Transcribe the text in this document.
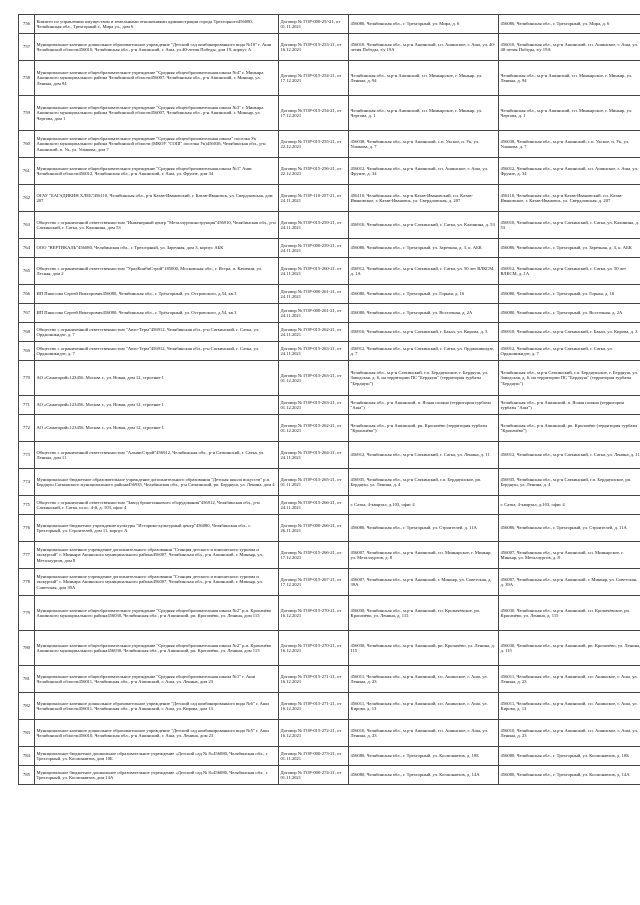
756	Комитет по управлению имуществом и земельными отношениями администрации города Трехгорного456080, Челябинская обл., Трехгорный г., Мира ул., дом 6	Договор № ГОР-000-25/-21, от 01.11.2021	456080, Челябинская обл., г. Трехгорный, ул. Мира, д. 6	456080, Челябинская обл., г. Трехгорный, ул. Мира, д. 6
757	Муниципальное казенное дошкольное образовательное учреждение "Детский сад комбинированного вида №10" г. Аши Челябинской области456010, Челябинская обл., р-н Ашинский, г. Аша, ул.40-летия Победы, дом 19, корпус А	Договор № ГОР-015-253-21, от 16.12.2021	456010, Челябинская обл., м.р-н Ашинский, г.п. Ашинское, г. Аша, ул. 40-летия Победы, з/у 19А	456010, Челябинская обл., м.р-н Ашинский, г.п. Ашинское, г. Аша, ул. 40-летия Победы, з/у 19А
758	Муниципальное казенное общеобразовательное учреждение "Средняя общеобразовательная школа №4" г. Миньяра Ашинского муниципального района Челябинской области456007, Челябинская обл., р-н Ашинский, г. Миньяр, ул. Ленина, дом 94	Договор № ГОР-015-254-21, от 17.12.2021	Челябинская обл., м.р-н Ашинский, г.п. Миньярское, г. Миньяр, ул. Ленина, д. 94	Челябинская обл., м.р-н Ашинский, г.п. Миньярское, г. Миньяр, ул. Ленина, д. 94
759	Муниципальное казенное общеобразовательное учреждение "Средняя общеобразовательная школа №3" г. Миньяра Ашинского муниципального района Челябинской области456007, Челябинская обл., р-н Ашинский, г. Миньяр, ул. Чертова, дом 1	Договор № ГОР-015-254-21, от 17.12.2021	Челябинская обл., м.р-н Ашинский, г.п. Миньярское, г. Миньяр, ул. Чертова, д. 1	Челябинская обл., м.р-н Ашинский, г.п. Миньярское, г. Миньяр, ул. Чертова, д. 1
760	Муниципальное казенное общеобразовательное учреждение "Средняя общеобразовательная школа" поселка Ук Ашинского муниципального района Челябинской области (МКОУ "СОШ" поселка Ук)456038, Челябинская обл., р-н Ашинский, п. Ук, ул. Ушакова, дом 7	Договор № ГОР-015-255-21, от 22.12.2021	456038, Челябинская обл., м.р-н Ашинский, с.п. Укское, п. Ук, ул. Ушакова, д. 7	456038, Челябинская обл., м.р-н Ашинский, с.п. Укское, п. Ук, ул. Ушакова, д. 7
761	Муниципальное казенное общеобразовательное учреждение "Средняя общеобразовательная школа №1" Аши Челябинской области456012, Челябинская обл., р-н Ашинский, г. Аша, ул. Фрунзе, дом 34	Договор № ГОР-015-256-21, от 22.12.2021	456012, Челябинская обл., м.р-н Ашинский, г.п. Ашинское, г. Аша, ул. Фрунзе, д. 34	456012, Челябинская обл., м.р-н Ашинский, г.п. Ашинское, г. Аша, ул. Фрунзе, д. 34
762	ОГАУ "БАГАДИКИН ХЛЕБ"456110, Челябинская обл., р-н Катав-Ивановский, г. Катав-Ивановск, ул. Свердловская, дом 207	Договор № ГОР-110-257-21, от 24.11.2021	456110, Челябинская обл., м.р-н Катав-Ивановский, г.п. Катав-Ивановское, г. Катав-Ивановск, ул. Свердловская, д. 207	456110, Челябинская обл., м.р-н Катав-Ивановский, г.п. Катав-Ивановское, г. Катав-Ивановск, ул. Свердловская, д. 207
763	Общество с ограниченной ответственностью "Инженерный центр "Металлургконструкция"456910, Челябинская обл., р-н Саткинский, г. Сатка, ул. Калинина, дом 53	Договор № ГОР-015-259-21, от 24.11.2021	456910, Челябинская обл., м.р-н Саткинский, г. Сатка, ул. Калинина, д. 53	456910, Челябинская обл., м.р-н Саткинский, г. Сатка, ул. Калинина, д. 53
764	ООО "ВЕРТИКАЛЬ"456080, Челябинская обл., г. Трехгорный, ул. Заречная, дом 3, корпус АБК	Договор № ГОР-000-259-21, от 24.11.2021	456080, Челябинская обл., г. Трехгорный, ул. Заречная, д. 3, к. АБК	456080, Челябинская обл., г. Трехгорный, ул. Заречная, д. 3, к. АБК
765	Общество с ограниченной ответственностью "УралКомбиСтрой"185000, Московская обл., г. Истра, п. Качичии, ул. Лесная, дом 2	Договор № ГОР-015-260-21, от 24.11.2021	456912, Челябинская обл., м.р-н Саткинский, г. Сатка, ул. 50 лет ВЛКСМ, д. 1А	456912, Челябинская обл., м.р-н Саткинский, г. Сатка, ул. 50 лет ВЛКСМ, д. 1А
766	ИП Пикосова Сергей Викторович456080, Челябинская обл., г. Трёхгорный, ул. Островского, д.54, кв.3	Договор № ГОР-000-261-21, от 24.11.2021	456080, Челябинская обл., г. Трехгорный, ул. Горная, д. 16	456080, Челябинская обл., г. Трехгорный, ул. Горная, д. 16
767	ИП Пикосова Сергей Викторович456080, Челябинская обл., г. Трёхгорный, ул. Островского, д.54, кв.3	Договор № ГОР-000-261-21, от 24.11.2021	456080, Челябинская обл., г. Трехгорный, ул. Восточная, д. 2А	456080, Челябинская обл., г. Трехгорный, ул. Восточная, д. 2А
768	Общество с ограниченной ответственностью "Авто-Терм"456912, Челябинская обл., р-н Саткинский, г. Сатка, ул. Орджоникидзе, д. 7	Договор № ГОР-015-262-21, от 24.11.2021	456910, Челябинская обл., м.р-н Саткинский, г. Бакал, ул. Кирова, д. 3	456910, Челябинская обл., м.р-н Саткинский, г. Бакал, ул. Кирова, д. 3
769	Общество с ограниченной ответственностью "Авто-Терм"456912, Челябинская обл., р-н Саткинский, г. Сатка, ул. Орджоникидзе, д. 7	Договор № ГОР-015-263-21, от 24.11.2021	456912, Челябинская обл., м.р-н Саткинский, г. Сатка, ул. Орджоникидзе, д. 7	456912, Челябинская обл., м.р-н Саткинский, г. Сатка, ул. Орджоникидзе, д. 7
770	АО «Санаторий»123456, Москва г., ул. Новая, дом 12, строение 1	Договор № ГОР-015-263-21, от 01.12.2021	Челябинская обл., м.р-н Саткинский, г.п. Бердяушское, г. Бердяуш, ул. Заводская, д. 6, на территории ПС "Бердяуш" (территория турбазы "Бердяуш")	Челябинская обл., м.р-н Саткинский, г.п. Бердяушское, г. Бердяуш, ул. Заводская, д. 6, на территории ПС "Бердяуш" (территория турбазы "Бердяуш")
771	АО «Санаторий»123456, Москва г., ул. Новая, дом 12, строение 1	Договор № ГОР-015-263-21, от 01.12.2021	Челябинская обл., р-н Ашинский, п. Ясная поляна (территория турбазы "Аша")	Челябинская обл., р-н Ашинский, п. Ясная поляна (территория турбазы "Аша")
772	АО «Санаторий»123456, Москва г., ул. Новая, дом 12, строение 1	Договор № ГОР-015-262-21, от 01.12.2021	Челябинская обл., р-н Ашинский, рп. Кропачёво (территория турбазы "Кропачёво")	Челябинская обл., р-н Ашинский, рп. Кропачёво (территория турбазы "Кропачёво")
773	Общество с ограниченной ответственностью "АльянсСтрой"456912, Челябинская обл., р-н Саткинский, г. Сатка, ул. Ленина, дом 11	Договор № ГОР-015-264-21, от 24.11.2021	456912, Челябинская обл., м.р-н Саткинский, г. Сатка, ул. Ленина, д. 11	456912, Челябинская обл., м.р-н Саткинский, г. Сатка, ул. Ленина, д. 11
774	Муниципальное бюджетное образовательное учреждение дополнительного образования "Детская школа искусств" р.п. Бердяуш Саткинского муниципального района456935, Челябинская обл., р-н Саткинский, рп. Бердяуш, ул. Ленина, дом 4	Договор № ГОР-015-265-21, от 01.11.2021	456935, Челябинская обл., м.р-н Саткинский, г.п. Бердяушское, рп. Бердяуш, ул. Ленина, д. 4	456935, Челябинская обл., м.р-н Саткинский, г.п. Бердяушское, рп. Бердяуш, ул. Ленина, д. 4
775	Общество с ограниченной ответственностью "Завод бронетанкового оборудования"456912, Челябинская обл., р-н Саткинский, г. Сатка, ш.ос. 4-й, д. 103, офис 4	Договор № ГОР-015-266-21, от 24.11.2021	г. Сатка, 4-квартал, д.103, офис 4	г. Сатка, 4-квартал, д.103, офис 4
776	Муниципальное бюджетное учреждение культуры "Историко-культурный центр"456080, Челябинская обл., г. Трехгорный, ул. Строителей, дом 11, корпус А	Договор № ГОР-000-266-21, от 26.11.2021	456080, Челябинская обл., г. Трехгорный, ул. Строителей, д. 11А	456080, Челябинская обл., г. Трехгорный, ул. Строителей, д. 11А
777	Муниципальное казенное учреждение дополнительного образования "Станция детского и юношеского туризма и экскурсий" г. Миньяра Ашинского муниципального района456007, Челябинская обл., р-н Ашинский, г. Миньяр, ул. Металлургов, дом 8	Договор № ГОР-015-266-21, от 17.12.2021	456007, Челябинская обл., м.р-н Ашинский, г.п. Миньярское, г. Миньяр, ул. Металлургов, д. 8	456007, Челябинская обл., м.р-н Ашинский, г.п. Миньярское, г. Миньяр, ул. Металлургов, д. 8
778	Муниципальное казенное учреждение дополнительного образования "Станция детского и юношеского туризма и экскурсий" г. Миньяра Ашинского муниципального района456007, Челябинская обл., р-н Ашинский, г. Миньяр, ул. Советская, дом 39А	Договор № ГОР-015-267-21, от 17.12.2021	456007, Челябинская обл., м.р-н Ашинский, г. Миньяр, ул. Советская, д. 39А	456007, Челябинская обл., м.р-н Ашинский, г. Миньяр, ул. Советская, д. 39А
779	Муниципальное казенное общеобразовательное учреждение "Средняя общеобразовательная школа №2" р.п. Кропачёво Ашинского муниципального района456030, Челябинская обл., р-н Ашинский, рп. Кропачёво, ул. Ленина, дом 115	Договор № ГОР-015-270-21, от 16.12.2021	456030, Челябинская обл., м.р-н Ашинский, г.п. Кропачёвское, рп. Кропачёво, ул. Ленина, д. 115	456030, Челябинская обл., м.р-н Ашинский, г.п. Кропачёвское, рп. Кропачёво, ул. Ленина, д. 115
780	Муниципальное казенное общеобразовательное учреждение "Средняя общеобразовательная школа №2" р.п. Кропачёво Ашинского муниципального района456030, Челябинская обл., р-н Ашинский, рп. Кропачёво, ул. Ленина, дом 115	Договор № ГОР-015-270-21, от 16.12.2021	456030, Челябинская обл., м.р-н Ашинский, рп. Кропачёво, ул. Ленина, д. 115	456030, Челябинская обл., м.р-н Ашинский, рп. Кропачёво, ул. Ленина, д. 115
781	Муниципальное казенное общеобразовательное учреждение "Средняя общеобразовательная школа №1" г. Аши Челябинской области456011, Челябинская обл., р-н Ашинский, г. Аша, ул. Ленина, дом 23	Договор № ГОР-015-271-21, от 16.12.2021	456011, Челябинская обл., м.р-н Ашинский, г.п. Ашинское, г. Аша, ул. Ленина, д. 23	456011, Челябинская обл., м.р-н Ашинский, г.п. Ашинское, г. Аша, ул. Ленина, д. 23
782	Муниципальное казенное дошкольное образовательное учреждение "Детский сад комбинированного вида №6" г. Аши Челябинской области456011, Челябинская обл., р-н Ашинский, г. Аша, ул. Кирова, дом 13	Договор № ГОР-015-271-21, от 16.12.2021	456011, Челябинская обл., м.р-н Ашинский, г.п. Ашинское, г. Аша, ул. Кирова, д. 13	456011, Челябинская обл., м.р-н Ашинский, г.п. Ашинское, г. Аша, ул. Кирова, д. 13
783	Муниципальное казенное дошкольное образовательное учреждение "Детский сад комбинированного вида №5" г. Аши Челябинской области456010, Челябинская обл., р-н Ашинский, г. Аша, ул. Ленина, дом 23	Договор № ГОР-015-272-21, от 16.12.2021	456010, Челябинская обл., м.р-н Ашинский, г.п. Ашинское, г. Аша, ул. Ленина, д. 23	456010, Челябинская обл., м.р-н Ашинский, г.п. Ашинское, г. Аша, ул. Ленина, д. 23
784	Муниципальное бюджетное дошкольное образовательное учреждение «Детский сад № 8»456080, Челябинская обл., г. Трехгорный, ул. Космонавтов, дом 10Б	Договор № ГОР-000-273-21, от 01.11.2021	456080, Челябинская обл., г. Трехгорный, ул. Космонавтов, д. 10Б	456080, Челябинская обл., г. Трехгорный, ул. Космонавтов, д. 10Б
785	Муниципальное бюджетное дошкольное образовательное учреждение «Детский сад № 8»456080, Челябинская обл., г. Трехгорный, ул. Космонавтов, дом 14А	Договор № ГОР-000-274-21, от 01.11.2021	456080, Челябинская обл., г. Трехгорный, ул. Космонавтов, д. 14А	456080, Челябинская обл., г. Трехгорный, ул. Космонавтов, д. 14А
